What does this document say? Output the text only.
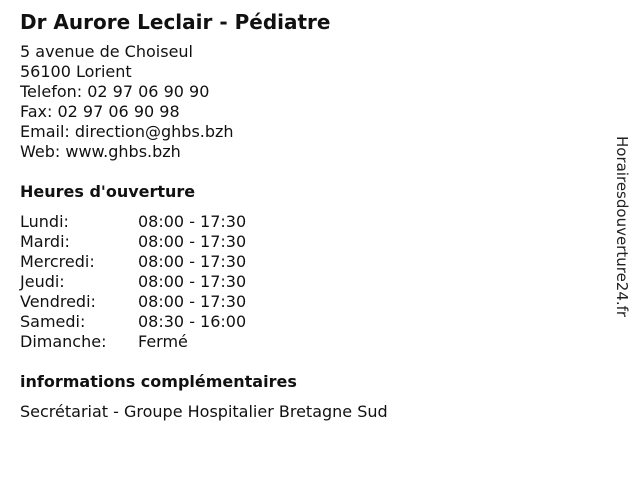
Dr Aurore Leclair - Pédiatre
5 avenue de Choiseul
56100 Lorient
Telefon: 02 97 06 90 90
Fax: 02 97 06 90 98
Email: direction@ghbs.bzh
Web: www.ghbs.bzh
Heures d'ouverture
Lundi:	08:00 - 17:30
Mardi:	08:00 - 17:30
Mercredi:	08:00 - 17:30
Jeudi:	08:00 - 17:30
Vendredi:	08:00 - 17:30
Samedi:	08:30 - 16:00
Dimanche:	Fermé
informations complémentaires
Secrétariat - Groupe Hospitalier Bretagne Sud
Horairesdouverture24.fr
